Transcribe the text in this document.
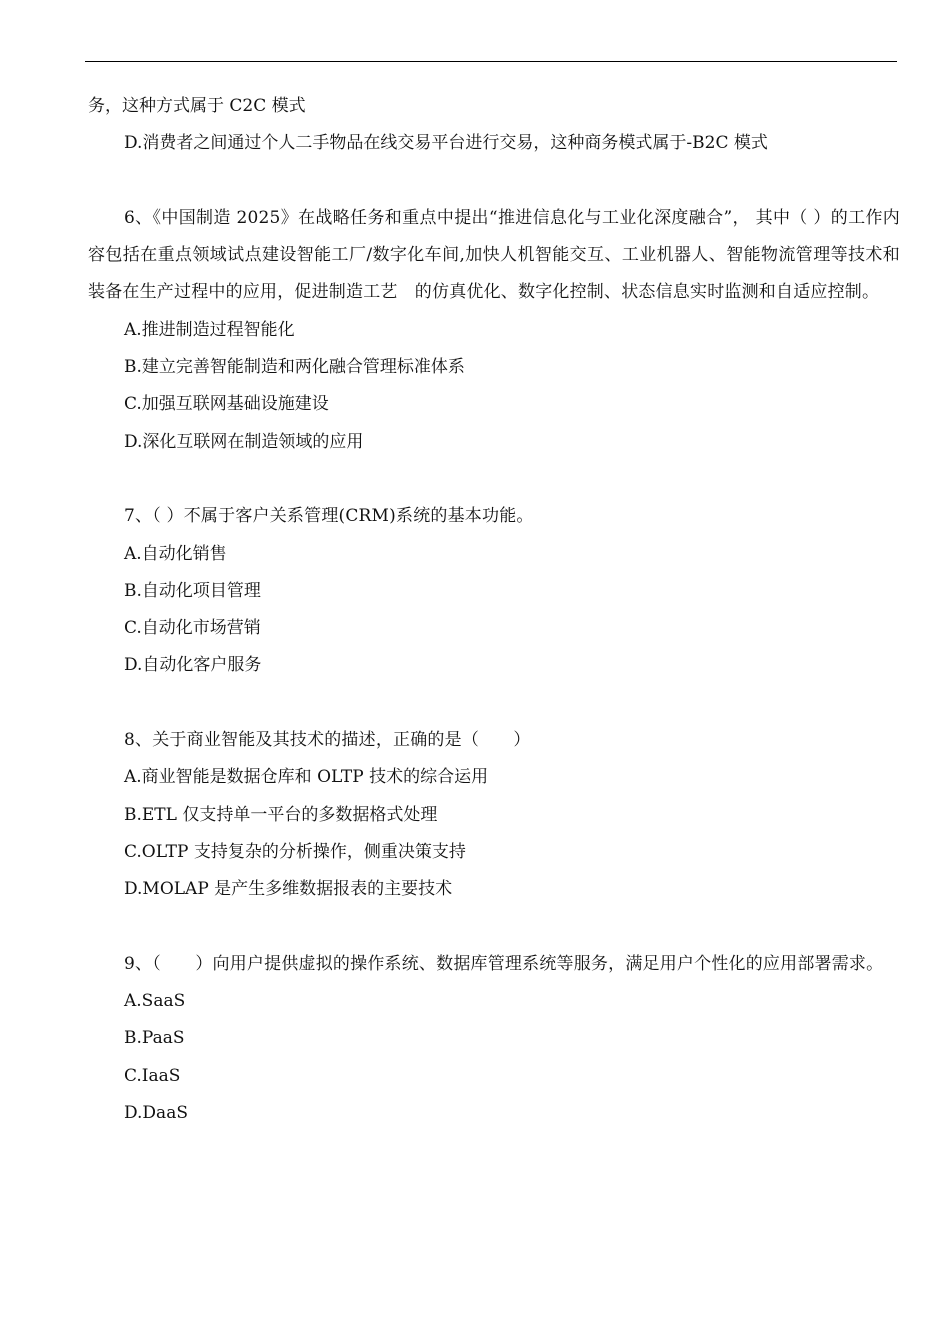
务，这种方式属于 C2C 模式
D.消费者之间通过个人二手物品在线交易平台进行交易，这种商务模式属于-B2C 模式
6、《中国制造 2025》在战略任务和重点中提出“推进信息化与工业化深度融合”， 其中（ ）的工作内容包括在重点领域试点建设智能工厂/数字化车间,加快人机智能交互、工业机器人、智能物流管理等技术和装备在生产过程中的应用，促进制造工艺　的仿真优化、数字化控制、状态信息实时监测和自适应控制。
A.推进制造过程智能化
B.建立完善智能制造和两化融合管理标准体系
C.加强互联网基础设施建设
D.深化互联网在制造领域的应用
7、（ ）不属于客户关系管理(CRM)系统的基本功能。
A.自动化销售
B.自动化项目管理
C.自动化市场营销
D.自动化客户服务
8、关于商业智能及其技术的描述，正确的是（　　）
A.商业智能是数据仓库和 OLTP 技术的综合运用
B.ETL 仅支持单一平台的多数据格式处理
C.OLTP 支持复杂的分析操作，侧重决策支持
D.MOLAP 是产生多维数据报表的主要技术
9、（　　）向用户提供虚拟的操作系统、数据库管理系统等服务，满足用户个性化的应用部署需求。
A.SaaS
B.PaaS
C.IaaS
D.DaaS
